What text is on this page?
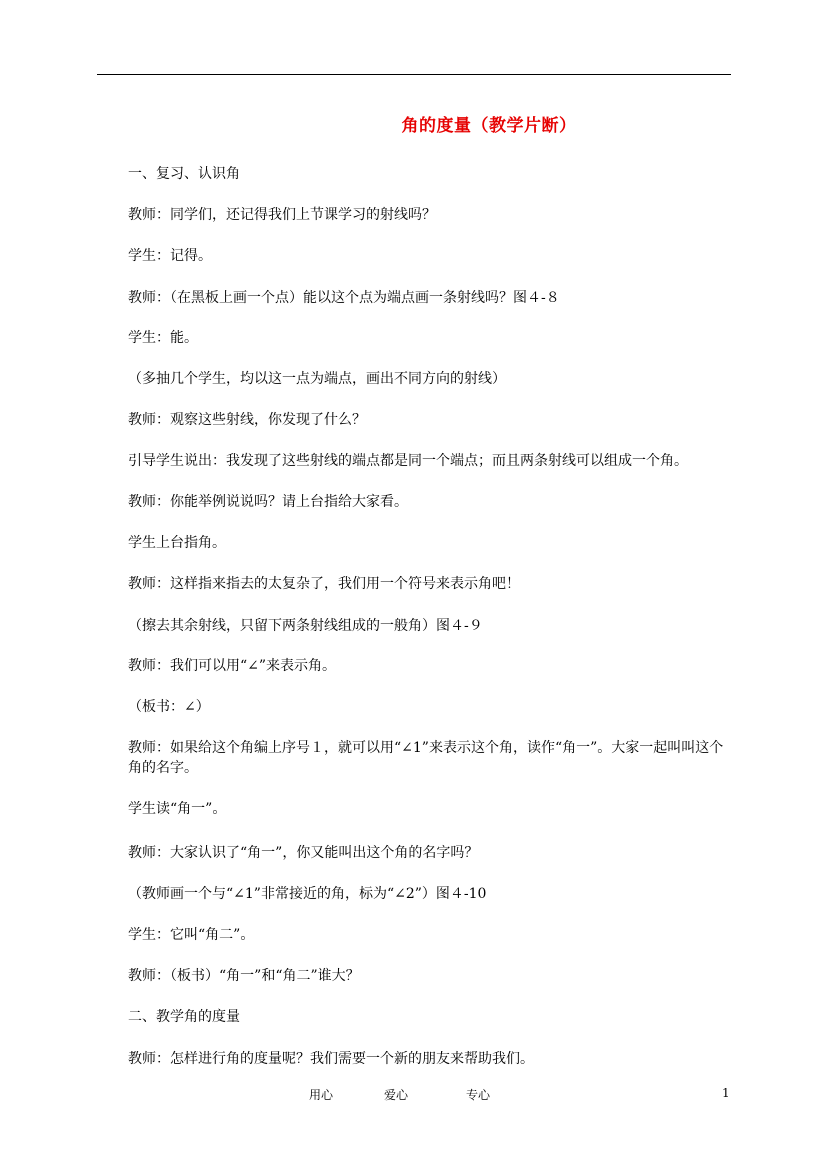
角的度量（教学片断）
一、复习、认识角
教师：同学们，还记得我们上节课学习的射线吗？
学生：记得。
教师：（在黑板上画一个点）能以这个点为端点画一条射线吗？图４-８
学生：能。
（多抽几个学生，均以这一点为端点，画出不同方向的射线）
教师：观察这些射线，你发现了什么？
引导学生说出：我发现了这些射线的端点都是同一个端点；而且两条射线可以组成一个角。
教师：你能举例说说吗？请上台指给大家看。
学生上台指角。
教师：这样指来指去的太复杂了，我们用一个符号来表示角吧！
（擦去其余射线，只留下两条射线组成的一般角）图４-９
教师：我们可以用“∠”来表示角。
（板书：∠）
教师：如果给这个角编上序号１，就可以用“∠1”来表示这个角，读作“角一”。大家一起叫叫这个角的名字。
学生读“角一”。
教师：大家认识了“角一”，你又能叫出这个角的名字吗？
（教师画一个与“∠1”非常接近的角，标为“∠2”）图４-10
学生：它叫“角二”。
教师：（板书）“角一”和“角二”谁大？
二、教学角的度量
教师：怎样进行角的度量呢？我们需要一个新的朋友来帮助我们。
用心	爱心	专心	1
